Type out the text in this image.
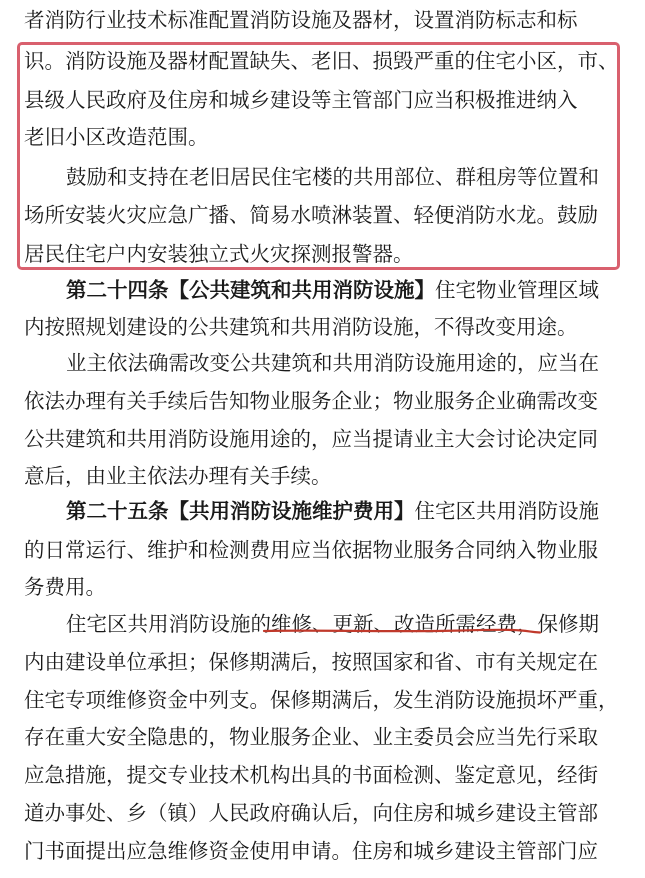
者消防行业技术标准配置消防设施及器材，设置消防标志和标
识。消防设施及器材配置缺失、老旧、损毁严重的住宅小区，市、
县级人民政府及住房和城乡建设等主管部门应当积极推进纳入
老旧小区改造范围。
鼓励和支持在老旧居民住宅楼的共用部位、群租房等位置和
场所安装火灾应急广播、简易水喷淋装置、轻便消防水龙。鼓励
居民住宅户内安装独立式火灾探测报警器。
第二十四条【公共建筑和共用消防设施】住宅物业管理区域
内按照规划建设的公共建筑和共用消防设施，不得改变用途。
业主依法确需改变公共建筑和共用消防设施用途的，应当在
依法办理有关手续后告知物业服务企业；物业服务企业确需改变
公共建筑和共用消防设施用途的，应当提请业主大会讨论决定同
意后，由业主依法办理有关手续。
第二十五条【共用消防设施维护费用】住宅区共用消防设施
的日常运行、维护和检测费用应当依据物业服务合同纳入物业服
务费用。
住宅区共用消防设施的维修、更新、改造所需经费，保修期
内由建设单位承担；保修期满后，按照国家和省、市有关规定在
住宅专项维修资金中列支。保修期满后，发生消防设施损坏严重，
存在重大安全隐患的，物业服务企业、业主委员会应当先行采取
应急措施，提交专业技术机构出具的书面检测、鉴定意见，经街
道办事处、乡（镇）人民政府确认后，向住房和城乡建设主管部
门书面提出应急维修资金使用申请。住房和城乡建设主管部门应
